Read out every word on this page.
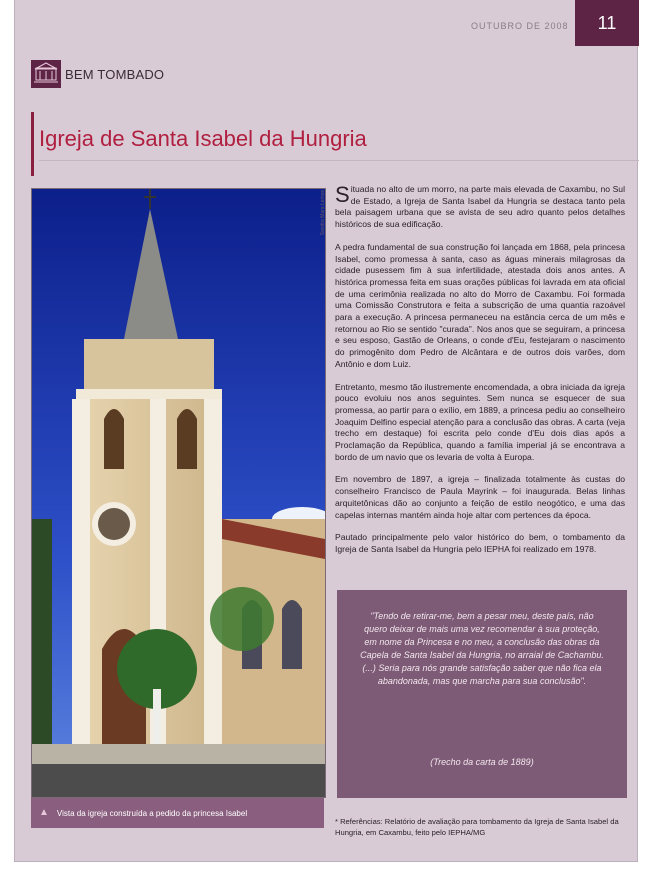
OUTUBRO DE 2008	11
BEM TOMBADO
Igreja de Santa Isabel da Hungria
Sandra Mara Lemos
▲ Vista da igreja construída a pedido da princesa Isabel

Situada no alto de um morro, na parte mais elevada de Caxambu, no Sul de Estado, a Igreja de Santa Isabel da Hungria se destaca tanto pela bela paisagem urbana que se avista de seu adro quanto pelos detalhes históricos de sua edificação.

A pedra fundamental de sua construção foi lançada em 1868, pela princesa Isabel, como promessa à santa, caso as águas minerais milagrosas da cidade pusessem fim à sua infertilidade, atestada dois anos antes. A histórica promessa feita em suas orações públicas foi lavrada em ata oficial de uma cerimônia realizada no alto do Morro de Caxambu. Foi formada uma Comissão Construtora e feita a subscrição de uma quantia razoável para a execução. A princesa permaneceu na estância cerca de um mês e retornou ao Rio se sentido "curada". Nos anos que se seguiram, a princesa e seu esposo, Gastão de Orleans, o conde d'Eu, festejaram o nascimento do primogênito dom Pedro de Alcântara e de outros dois varões, dom Antônio e dom Luiz.

Entretanto, mesmo tão ilustremente encomendada, a obra iniciada da igreja pouco evoluiu nos anos seguintes. Sem nunca se esquecer de sua promessa, ao partir para o exílio, em 1889, a princesa pediu ao conselheiro Joaquim Delfino especial atenção para a conclusão das obras. A carta (veja trecho em destaque) foi escrita pelo conde d'Eu dois dias após a Proclamação da República, quando a família imperial já se encontrava a bordo de um navio que os levaria de volta à Europa.

Em novembro de 1897, a igreja – finalizada totalmente às custas do conselheiro Francisco de Paula Mayrink – foi inaugurada. Belas linhas arquitetônicas dão ao conjunto a feição de estilo neogótico, e uma das capelas internas mantém ainda hoje altar com pertences da época.

Pautado principalmente pelo valor histórico do bem, o tombamento da Igreja de Santa Isabel da Hungria pelo IEPHA foi realizado em 1978.

"Tendo de retirar-me, bem a pesar meu, deste país, não quero deixar de mais uma vez recomendar à sua proteção, em nome da Princesa e no meu, a conclusão das obras da Capela de Santa Isabel da Hungria, no arraial de Cachambu. (...) Seria para nós grande satisfação saber que não fica ela abandonada, mas que marcha para sua conclusão".
(Trecho da carta de 1889)
* Referências: Relatório de avaliação para tombamento da Igreja de Santa Isabel da Hungria, em Caxambu, feito pelo IEPHA/MG
